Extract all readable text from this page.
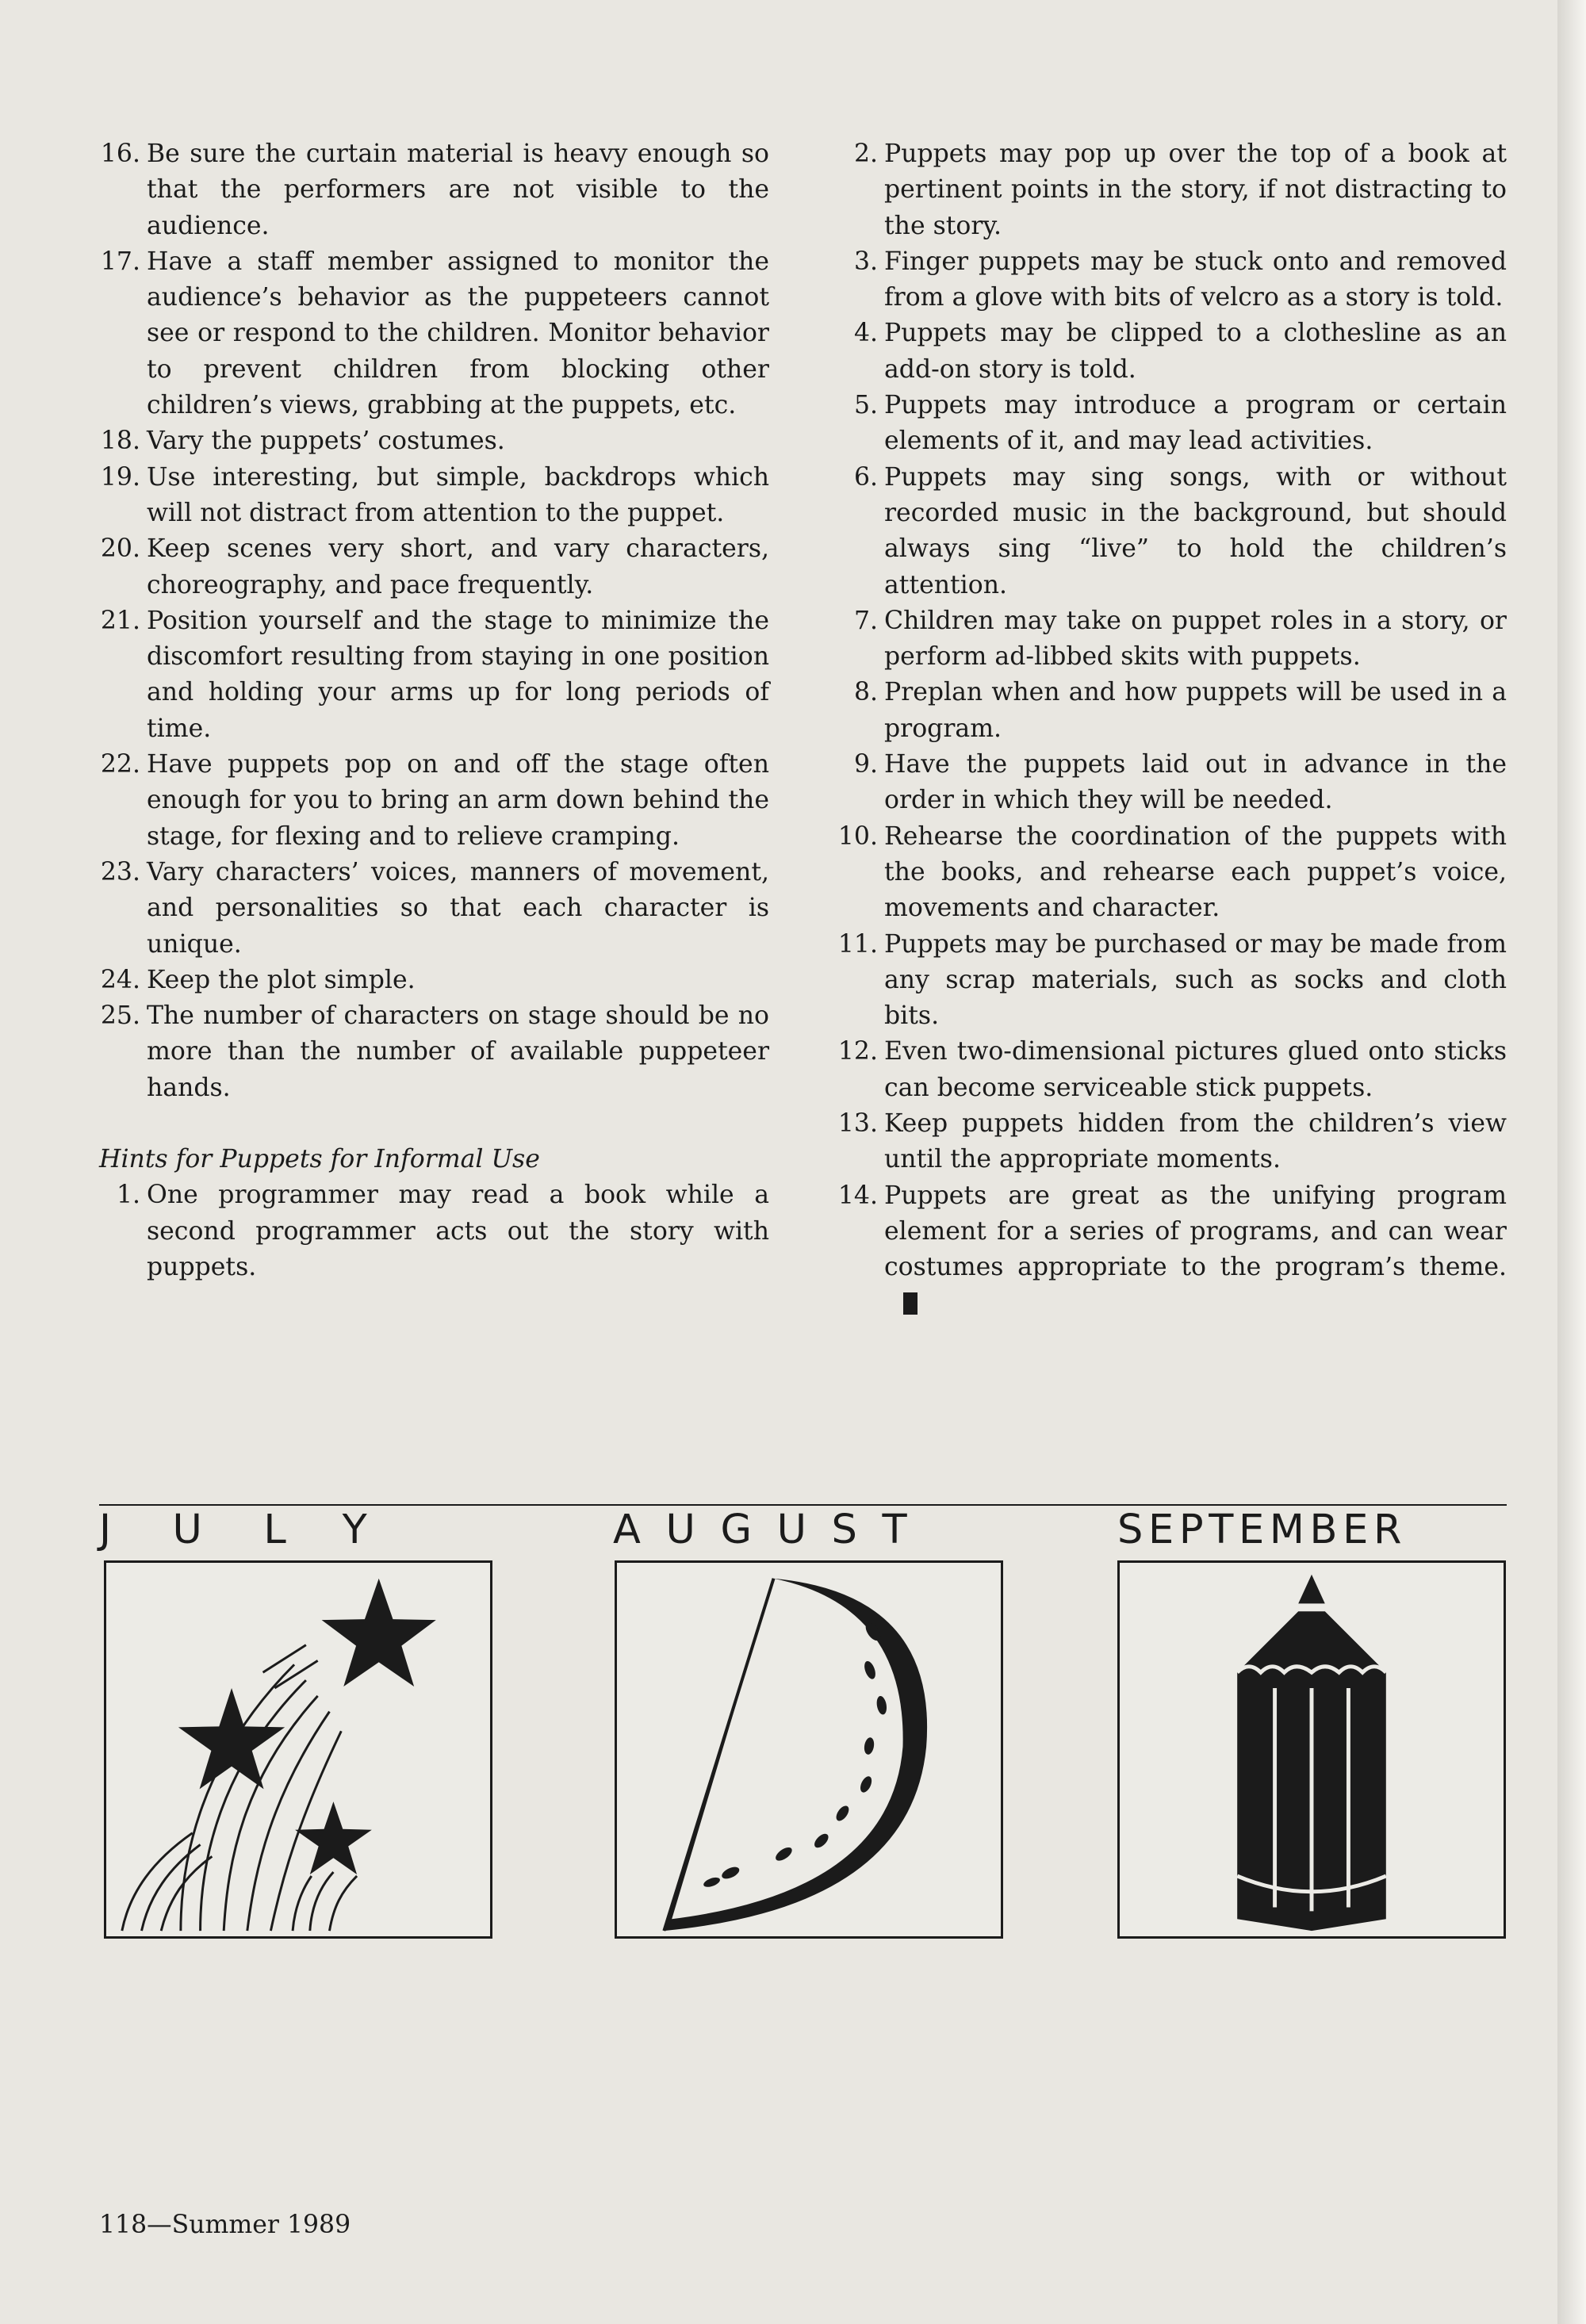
16. Be sure the curtain material is heavy enough so that the performers are not visible to the audience.
17. Have a staff member assigned to monitor the audience’s behavior as the puppeteers cannot see or respond to the children. Monitor behavior to prevent children from blocking other children’s views, grabbing at the puppets, etc.
18. Vary the puppets’ costumes.
19. Use interesting, but simple, backdrops which will not distract from attention to the puppet.
20. Keep scenes very short, and vary characters, choreography, and pace frequently.
21. Position yourself and the stage to minimize the discomfort resulting from staying in one position and holding your arms up for long periods of time.
22. Have puppets pop on and off the stage often enough for you to bring an arm down behind the stage, for flexing and to relieve cramping.
23. Vary characters’ voices, manners of movement, and personalities so that each character is unique.
24. Keep the plot simple.
25. The number of characters on stage should be no more than the number of available puppeteer hands.
Hints for Puppets for Informal Use
1. One programmer may read a book while a second programmer acts out the story with puppets.
2. Puppets may pop up over the top of a book at pertinent points in the story, if not distracting to the story.
3. Finger puppets may be stuck onto and removed from a glove with bits of velcro as a story is told.
4. Puppets may be clipped to a clothesline as an add-on story is told.
5. Puppets may introduce a program or certain elements of it, and may lead activities.
6. Puppets may sing songs, with or without recorded music in the background, but should always sing “live” to hold the children’s attention.
7. Children may take on puppet roles in a story, or perform ad-libbed skits with puppets.
8. Preplan when and how puppets will be used in a program.
9. Have the puppets laid out in advance in the order in which they will be needed.
10. Rehearse the coordination of the puppets with the books, and rehearse each puppet’s voice, movements and character.
11. Puppets may be purchased or may be made from any scrap materials, such as socks and cloth bits.
12. Even two-dimensional pictures glued onto sticks can become serviceable stick puppets.
13. Keep puppets hidden from the children’s view until the appropriate moments.
14. Puppets are great as the unifying program element for a series of programs, and can wear costumes appropriate to the program’s theme.
JULY	AUGUST	SEPTEMBER
118—Summer 1989
